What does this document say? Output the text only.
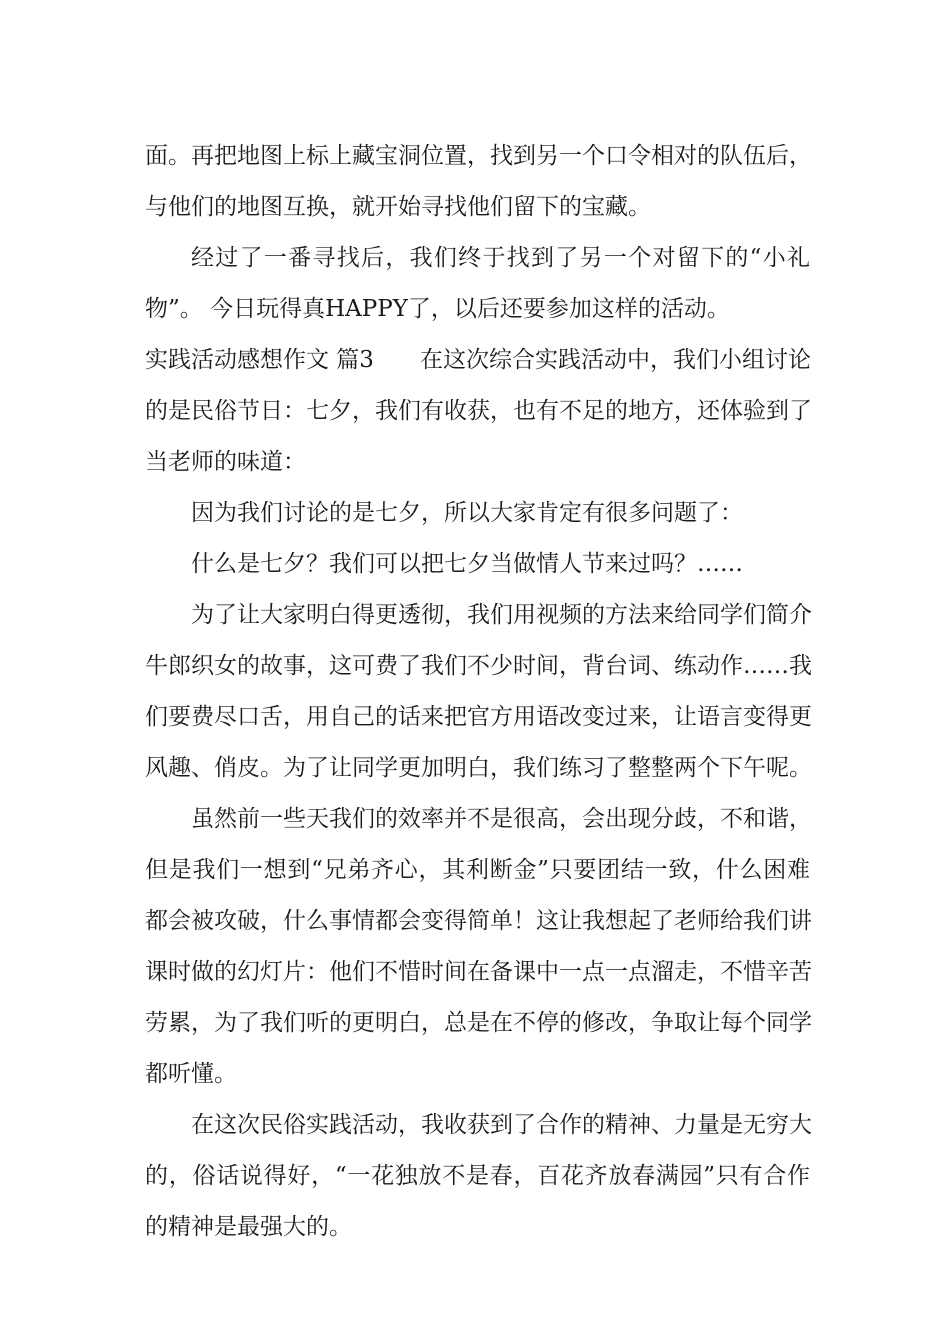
面。再把地图上标上藏宝洞位置，找到另一个口令相对的队伍后，
与他们的地图互换，就开始寻找他们留下的宝藏。
经过了一番寻找后，我们终于找到了另一个对留下的“小礼
物”。 今日玩得真HAPPY了，以后还要参加这样的活动。
实践活动感想作文 篇3	在这次综合实践活动中，我们小组讨论
的是民俗节日：七夕，我们有收获，也有不足的地方，还体验到了
当老师的味道：
因为我们讨论的是七夕，所以大家肯定有很多问题了：
什么是七夕？我们可以把七夕当做情人节来过吗？……
为了让大家明白得更透彻，我们用视频的方法来给同学们简介
牛郎织女的故事，这可费了我们不少时间，背台词、练动作……我
们要费尽口舌，用自己的话来把官方用语改变过来，让语言变得更
风趣、俏皮。为了让同学更加明白，我们练习了整整两个下午呢。
虽然前一些天我们的效率并不是很高，会出现分歧，不和谐，
但是我们一想到“兄弟齐心，其利断金”只要团结一致，什么困难
都会被攻破，什么事情都会变得简单！这让我想起了老师给我们讲
课时做的幻灯片：他们不惜时间在备课中一点一点溜走，不惜辛苦
劳累，为了我们听的更明白，总是在不停的修改，争取让每个同学
都听懂。
在这次民俗实践活动，我收获到了合作的精神、力量是无穷大
的，俗话说得好，“一花独放不是春，百花齐放春满园”只有合作
的精神是最强大的。
